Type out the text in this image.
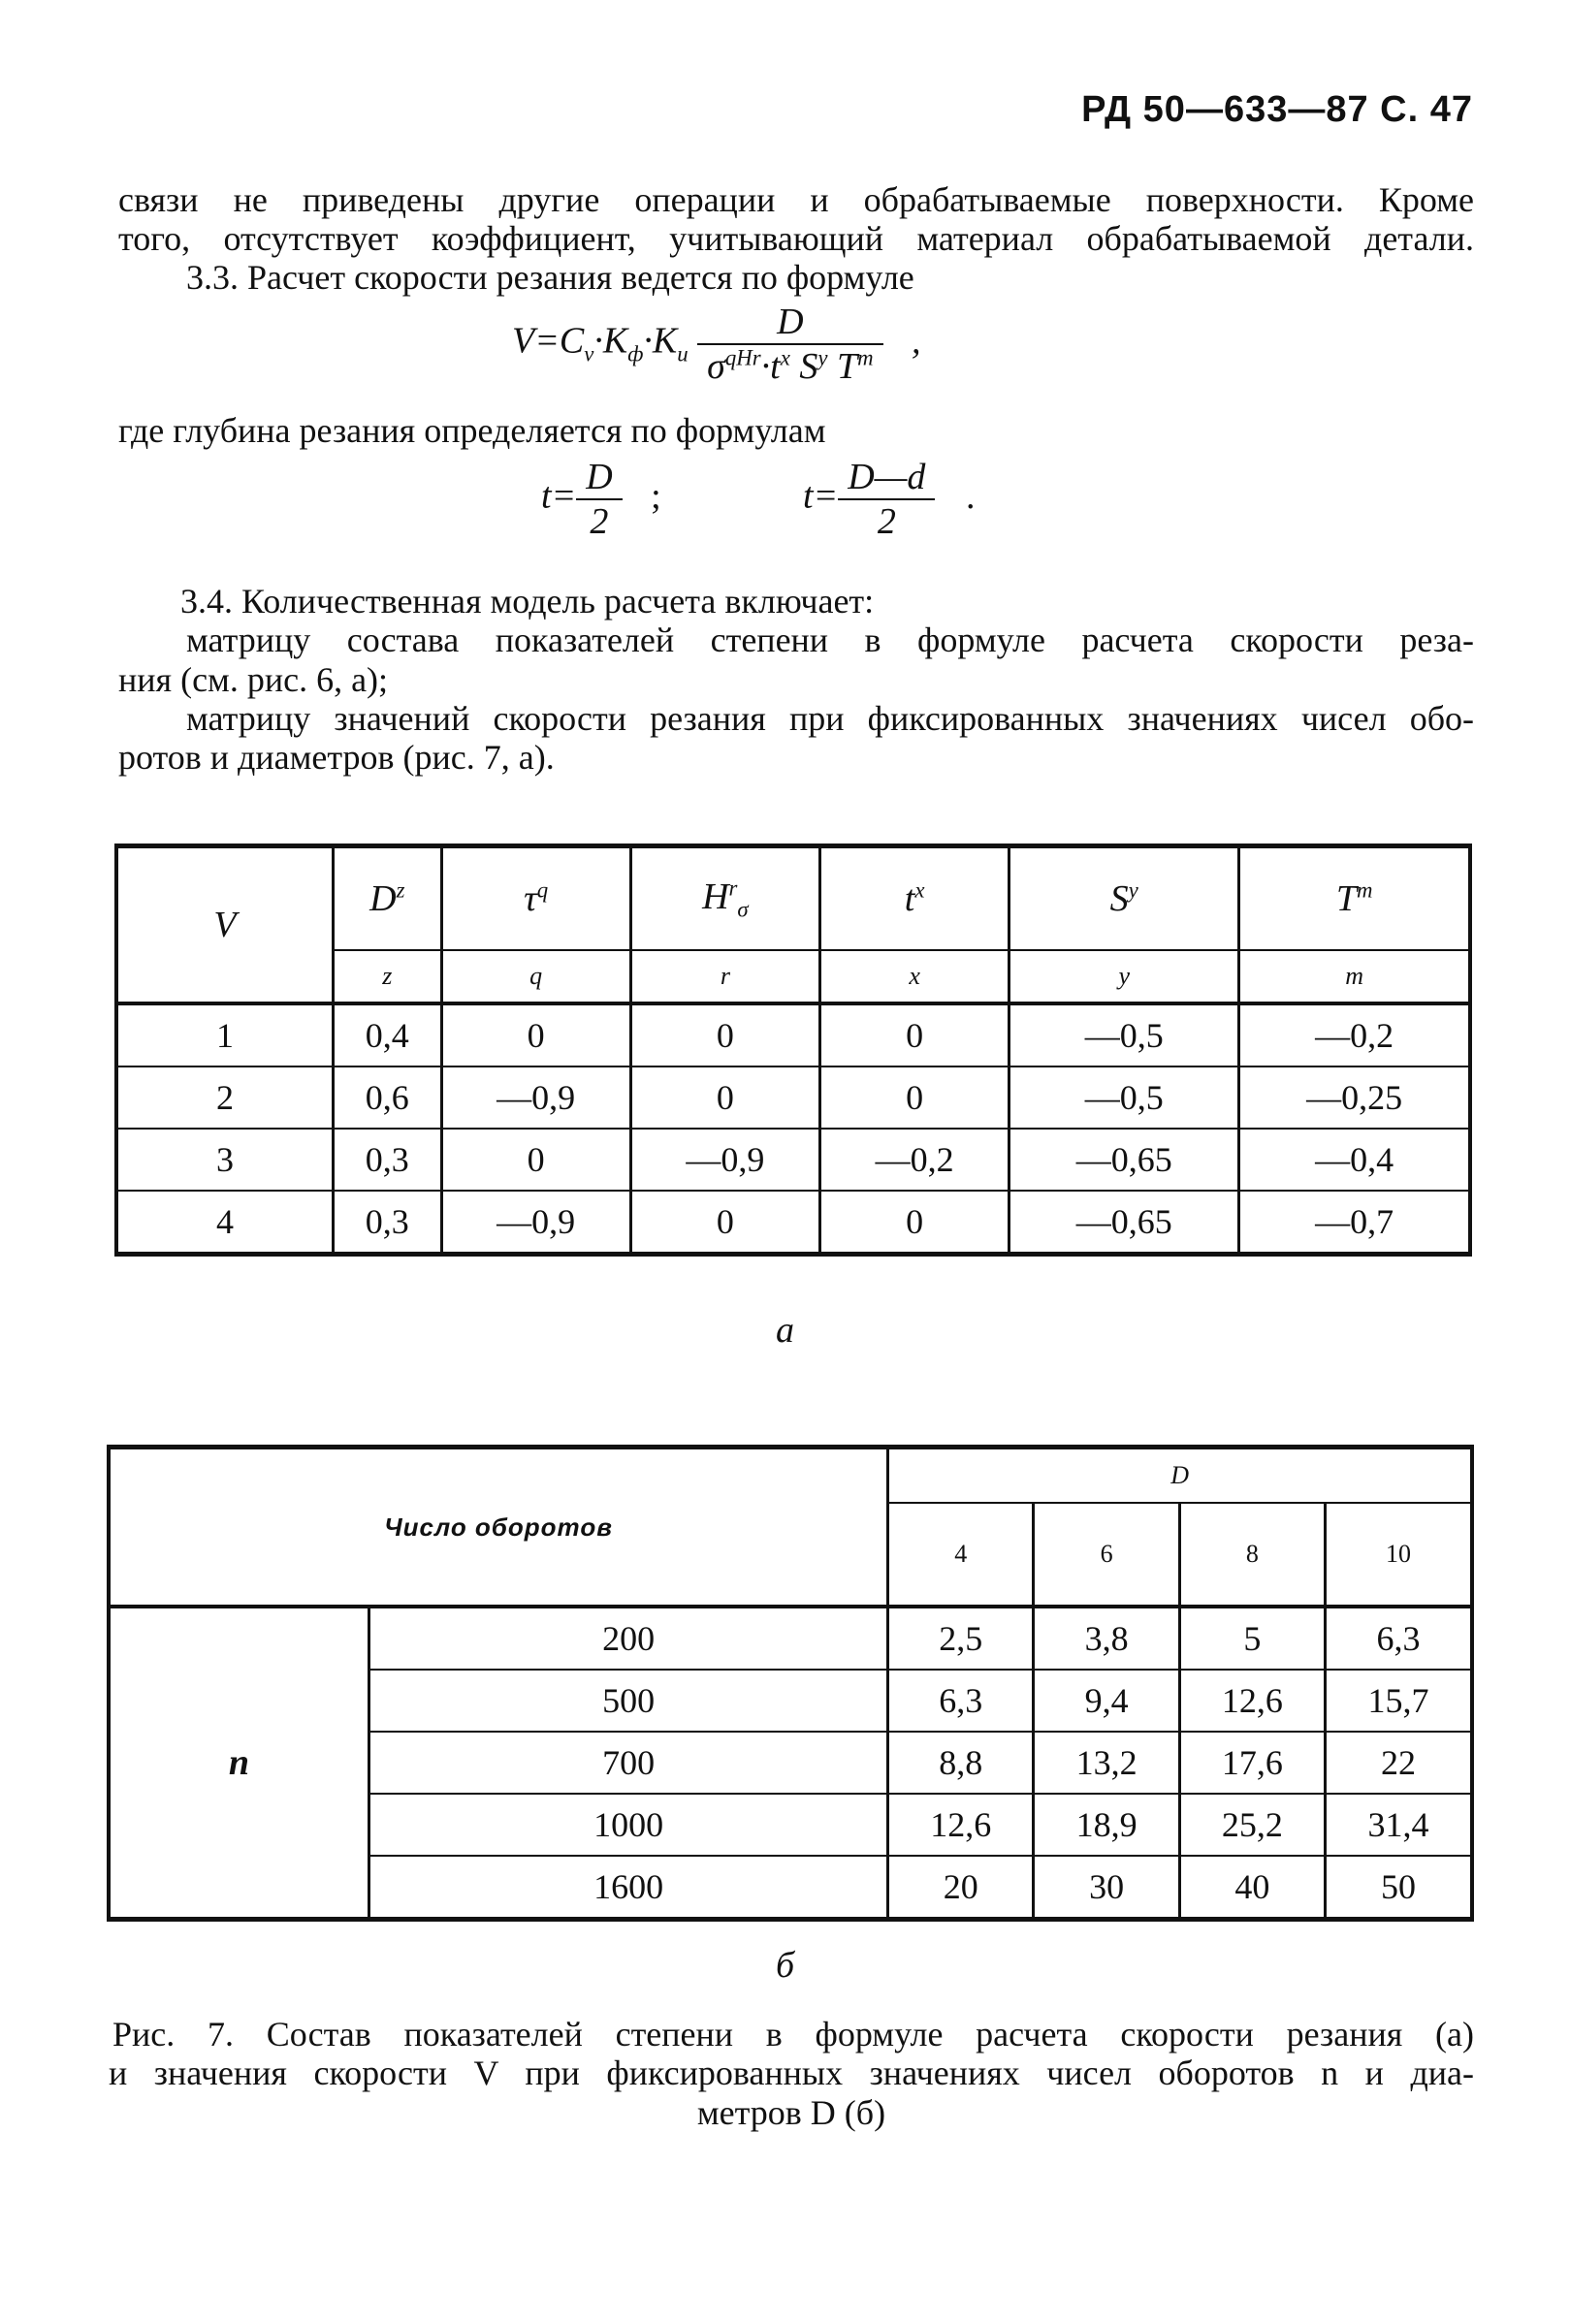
РД 50—633—87 С. 47
связи не приведены другие операции и обрабатываемые поверхности. Кроме
того, отсутствует коэффициент, учитывающий материал обрабатываемой детали.
3.3. Расчет скорости резания ведется по формуле
$V=C_v\cdot K_ф\cdot K_и \frac{D}{\sigma^{qHr}\cdot t^x S^y T^m}$ ,
где глубина резания определяется по формулам
$t= \frac{D}{2}$ ;	$t= \frac{D—d}{2}$ .
3.4. Количественная модель расчета включает:
матрицу состава показателей степени в формуле расчета скорости реза-
ния (см. рис. 6, а);
матрицу значений скорости резания при фиксированных значениях чисел обо-
ротов и диаметров (рис. 7, а).
V	$D^z$	$\tau^q$	$H^r_\sigma$	$t^x$	$S^y$	$T^m$
	z	q	r	x	y	m
1	0,4	0	0	0	—0,5	—0,2
2	0,6	—0,9	0	0	—0,5	—0,25
3	0,3	0	—0,9	—0,2	—0,65	—0,4
4	0,3	—0,9	0	0	—0,65	—0,7
а
Число оборотов		D			
		4	6	8	10
n	200	2,5	3,8	5	6,3
	500	6,3	9,4	12,6	15,7
	700	8,8	13,2	17,6	22
	1000	12,6	18,9	25,2	31,4
	1600	20	30	40	50
б
Рис. 7. Состав показателей степени в формуле расчета скорости резания (а)
и значения скорости V при фиксированных значениях чисел оборотов n и диа-
метров D (б)
